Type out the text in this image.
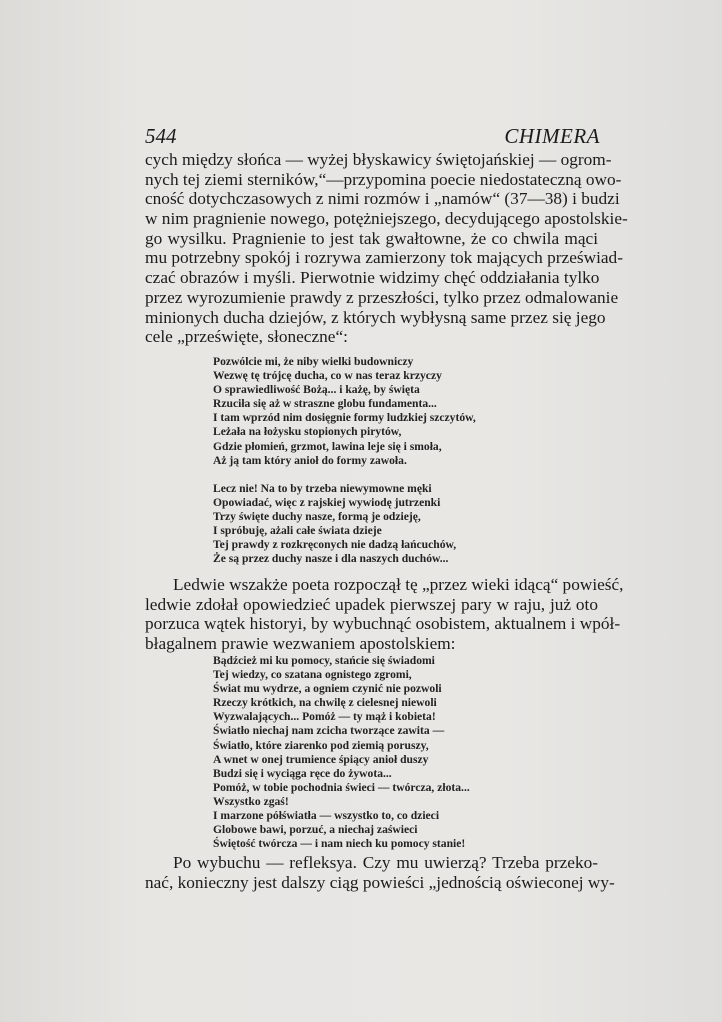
544	CHIMERA
cych między słońca — wyżej błyskawicy świętojańskiej — ogrom-
nych tej ziemi sterników,“—przypomina poecie niedostateczną owo-
cność dotychczasowych z nimi rozmów i „namów“ (37—38) i budzi
w nim pragnienie nowego, potężniejszego, decydującego apostolskie-
go wysilku. Pragnienie to jest tak gwałtowne, że co chwila mąci
mu potrzebny spokój i rozrywa zamierzony tok mających przeświad-
czać obrazów i myśli. Pierwotnie widzimy chęć oddziałania tylko
przez wyrozumienie prawdy z przeszłości, tylko przez odmalowanie
minionych ducha dziejów, z których wybłysną same przez się jego
cele „prześwięte, słoneczne“:
Pozwólcie mi, że niby wielki budowniczy
Wezwę tę trójcę ducha, co w nas teraz krzyczy
O sprawiedliwość Bożą... i każę, by święta
Rzuciła się aż w straszne globu fundamenta...
I tam wprzód nim dosięgnie formy ludzkiej szczytów,
Leżała na łożysku stopionych pirytów,
Gdzie płomień, grzmot, lawina leje się i smoła,
Aż ją tam który anioł do formy zawoła.
Lecz nie! Na to by trzeba niewymowne męki
Opowiadać, więc z rajskiej wywiodę jutrzenki
Trzy święte duchy nasze, formą je odzieję,
I spróbuję, ażali całe świata dzieje
Tej prawdy z rozkręconych nie dadzą łańcuchów,
Że są przez duchy nasze i dla naszych duchów...
Ledwie wszakże poeta rozpoczął tę „przez wieki idącą“ powieść,
ledwie zdołał opowiedzieć upadek pierwszej pary w raju, już oto
porzuca wątek historyi, by wybuchnąć osobistem, aktualnem i wpół-
błagalnem prawie wezwaniem apostolskiem:
Bądźcież mi ku pomocy, stańcie się świadomi
Tej wiedzy, co szatana ognistego zgromi,
Świat mu wydrze, a ogniem czynić nie pozwoli
Rzeczy krótkich, na chwilę z cielesnej niewoli
Wyzwalających... Pomóż — ty mąż i kobieta!
Światło niechaj nam zcicha tworzące zawita —
Światło, które ziarenko pod ziemią poruszy,
A wnet w onej trumience śpiący anioł duszy
Budzi się i wyciąga ręce do żywota...
Pomóż, w tobie pochodnia świeci — twórcza, złota...
Wszystko zgaś!
I marzone półświatła — wszystko to, co dzieci
Globowe bawi, porzuć, a niechaj zaświeci
Świętość twórcza — i nam niech ku pomocy stanie!
Po wybuchu — refleksya. Czy mu uwierzą? Trzeba przeko-
nać, konieczny jest dalszy ciąg powieści „jednością oświeconej wy-
